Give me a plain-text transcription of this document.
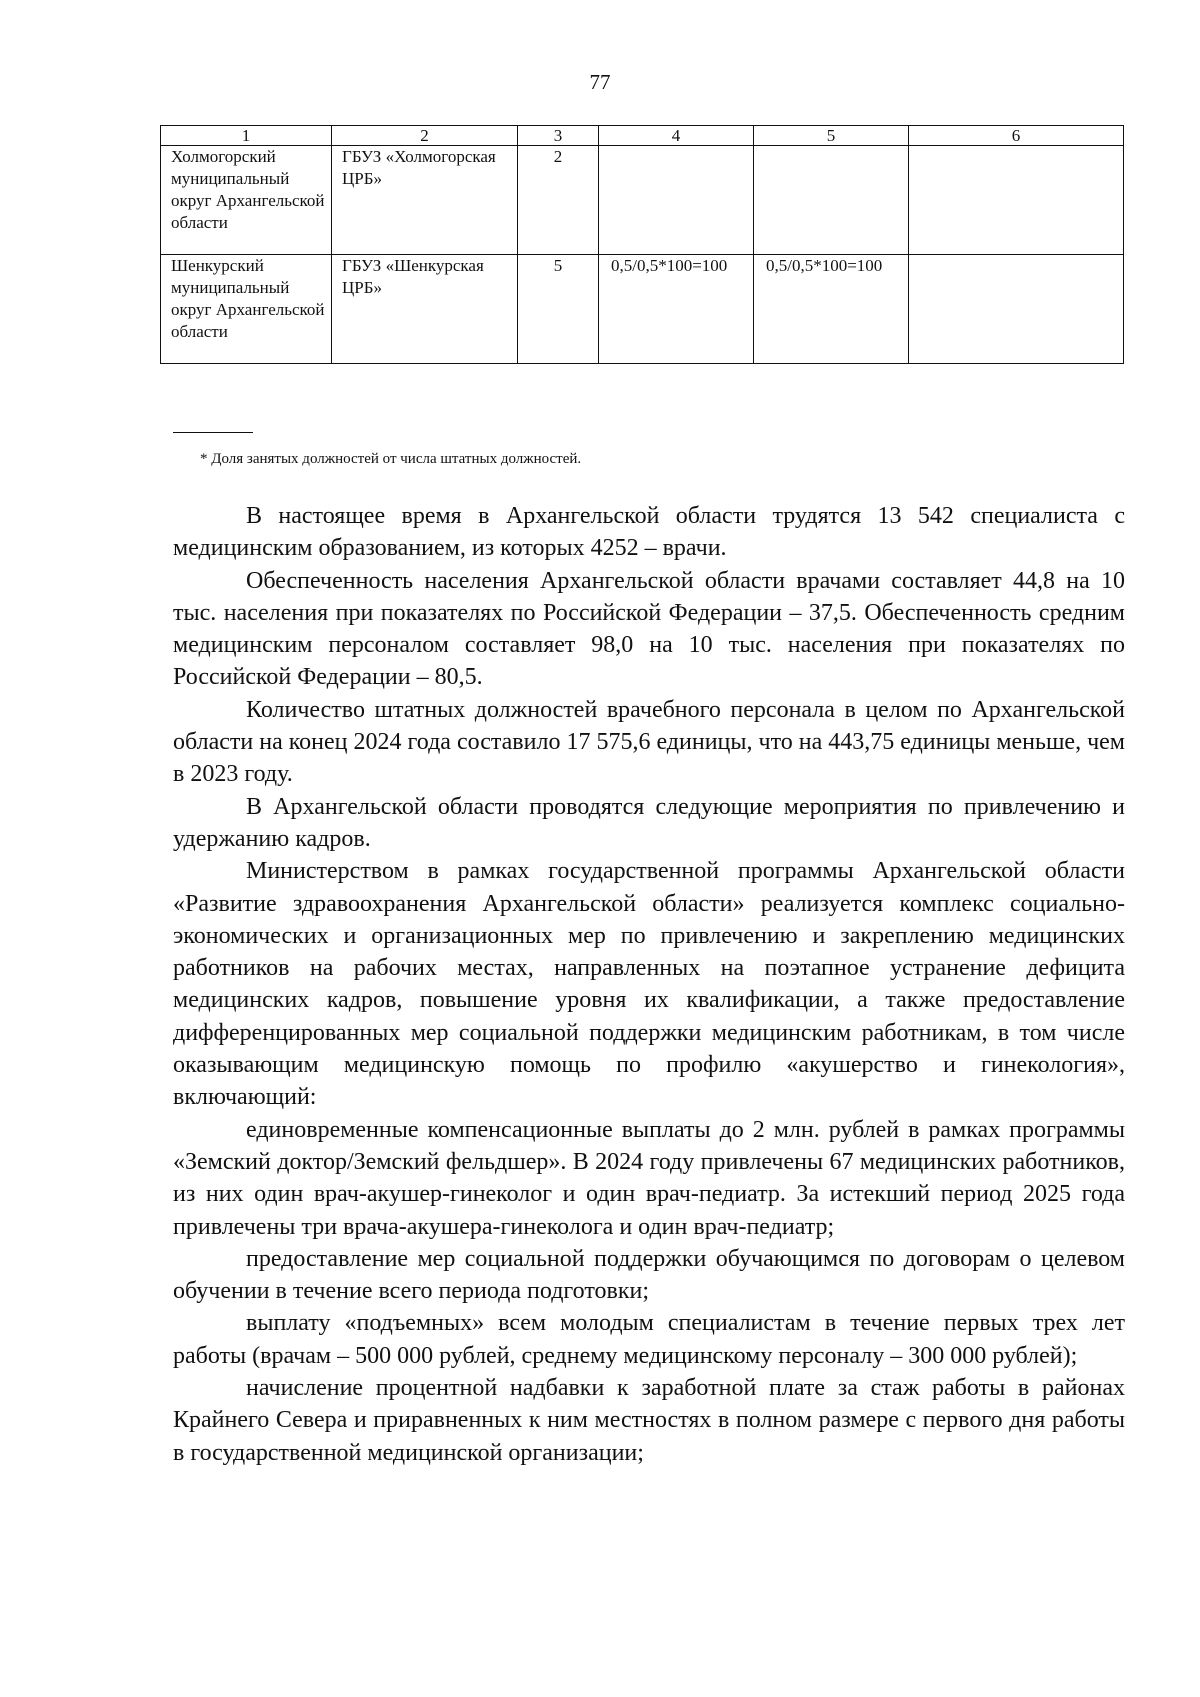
77
1	2	3	4	5	6
Холмогорский муниципальный округ Архангельской области	ГБУЗ «Холмогорская ЦРБ»	2			
Шенкурский муниципальный округ Архангельской области	ГБУЗ «Шенкурская ЦРБ»	5	0,5/0,5*100=100	0,5/0,5*100=100	
* Доля занятых должностей от числа штатных должностей.

В настоящее время в Архангельской области трудятся 13 542 специалиста с медицинским образованием, из которых 4252 – врачи.

Обеспеченность населения Архангельской области врачами составляет 44,8 на 10 тыс. населения при показателях по Российской Федерации – 37,5. Обеспеченность средним медицинским персоналом составляет 98,0 на 10 тыс. населения при показателях по Российской Федерации – 80,5.

Количество штатных должностей врачебного персонала в целом по Архангельской области на конец 2024 года составило 17 575,6 единицы, что на 443,75 единицы меньше, чем в 2023 году.

В Архангельской области проводятся следующие мероприятия по привлечению и удержанию кадров.

Министерством в рамках государственной программы Архангельской области «Развитие здравоохранения Архангельской области» реализуется комплекс социально-экономических и организационных мер по привлечению и закреплению медицинских работников на рабочих местах, направленных на поэтапное устранение дефицита медицинских кадров, повышение уровня их квалификации, а также предоставление дифференцированных мер социальной поддержки медицинским работникам, в том числе оказывающим медицинскую помощь по профилю «акушерство и гинекология», включающий:

единовременные компенсационные выплаты до 2 млн. рублей в рамках программы «Земский доктор/Земский фельдшер». В 2024 году привлечены 67 медицинских работников, из них один врач-акушер-гинеколог и один врач-педиатр. За истекший период 2025 года привлечены три врача-акушера-гинеколога и один врач-педиатр;

предоставление мер социальной поддержки обучающимся по договорам о целевом обучении в течение всего периода подготовки;

выплату «подъемных» всем молодым специалистам в течение первых трех лет работы (врачам – 500 000 рублей, среднему медицинскому персоналу – 300 000 рублей);

начисление процентной надбавки к заработной плате за стаж работы в районах Крайнего Севера и приравненных к ним местностях в полном размере с первого дня работы в государственной медицинской организации;
